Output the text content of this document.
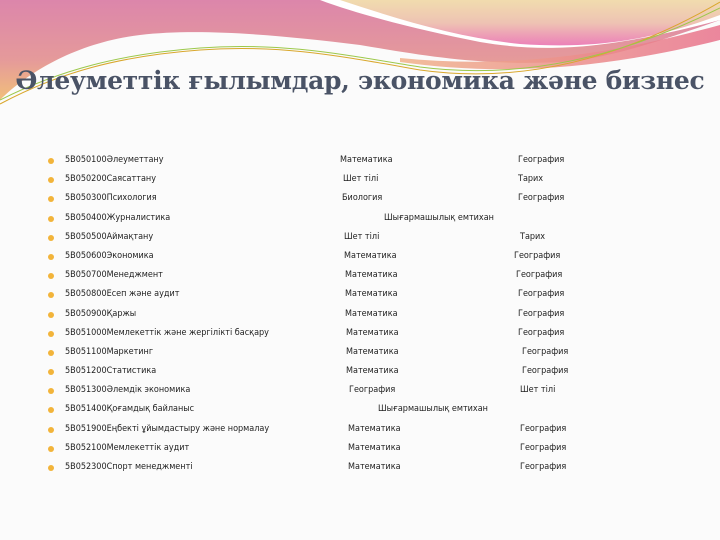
Әлеуметтік ғылымдар, экономика және бизнес
5В050100Әлеуметтану	Математика	География
5В050200Саясаттану	Шет тілі	Тарих
5В050300Психология	Биология	География
5В050400Журналистика	Шығармашылық емтихан
5В050500Аймақтану	Шет тілі	Тарих
5В050600Экономика	Математика	География
5В050700Менеджмент	Математика	География
5В050800Есеп және аудит	Математика	География
5В050900Қаржы	Математика	География
5В051000Мемлекеттік және жергілікті басқару	Математика	География
5В051100Маркетинг	Математика	География
5В051200Статистика	Математика	География
5В051300Әлемдік экономика	География	Шет тілі
5В051400Қоғамдық байланыс	Шығармашылық емтихан
5В051900Еңбекті ұйымдастыру және нормалау	Математика	География
5В052100Мемлекеттік аудит	Математика	География
5В052300Спорт менеджменті	Математика	География
